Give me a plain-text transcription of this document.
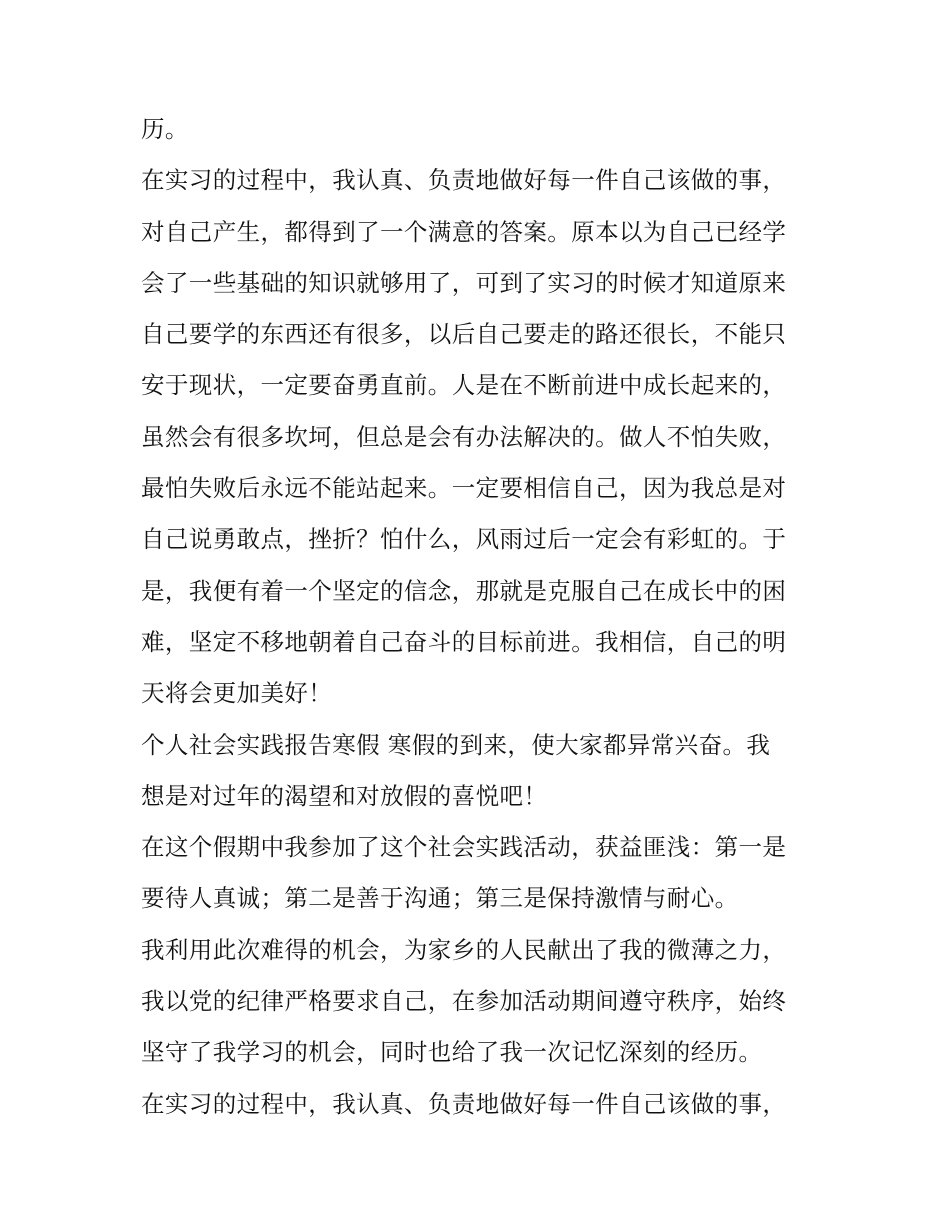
历。
在实习的过程中，我认真、负责地做好每一件自己该做的事，
对自己产生，都得到了一个满意的答案。原本以为自己已经学
会了一些基础的知识就够用了，可到了实习的时候才知道原来
自己要学的东西还有很多，以后自己要走的路还很长，不能只
安于现状，一定要奋勇直前。人是在不断前进中成长起来的，
虽然会有很多坎坷，但总是会有办法解决的。做人不怕失败，
最怕失败后永远不能站起来。一定要相信自己，因为我总是对
自己说勇敢点，挫折？怕什么，风雨过后一定会有彩虹的。于
是，我便有着一个坚定的信念，那就是克服自己在成长中的困
难，坚定不移地朝着自己奋斗的目标前进。我相信，自己的明
天将会更加美好！
个人社会实践报告寒假 寒假的到来，使大家都异常兴奋。我
想是对过年的渴望和对放假的喜悦吧！
在这个假期中我参加了这个社会实践活动，获益匪浅：第一是
要待人真诚；第二是善于沟通；第三是保持激情与耐心。
我利用此次难得的机会，为家乡的人民献出了我的微薄之力，
我以党的纪律严格要求自己，在参加活动期间遵守秩序，始终
坚守了我学习的机会，同时也给了我一次记忆深刻的经历。
在实习的过程中，我认真、负责地做好每一件自己该做的事，
